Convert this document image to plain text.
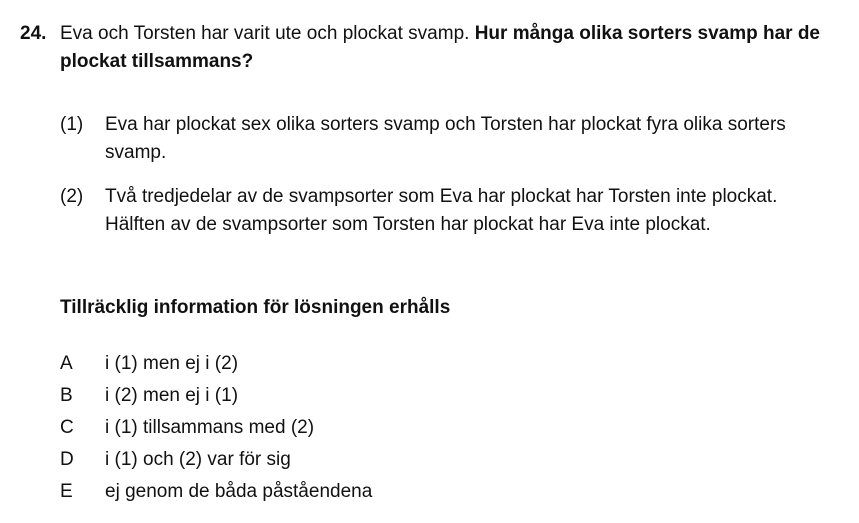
24. Eva och Torsten har varit ute och plockat svamp. Hur många olika sorters svamp har de plockat tillsammans?
(1) Eva har plockat sex olika sorters svamp och Torsten har plockat fyra olika sorters svamp.
(2) Två tredjedelar av de svampsorter som Eva har plockat har Torsten inte plockat.
Hälften av de svampsorter som Torsten har plockat har Eva inte plockat.
Tillräcklig information för lösningen erhålls
A i (1) men ej i (2)
B i (2) men ej i (1)
C i (1) tillsammans med (2)
D i (1) och (2) var för sig
E ej genom de båda påståendena
